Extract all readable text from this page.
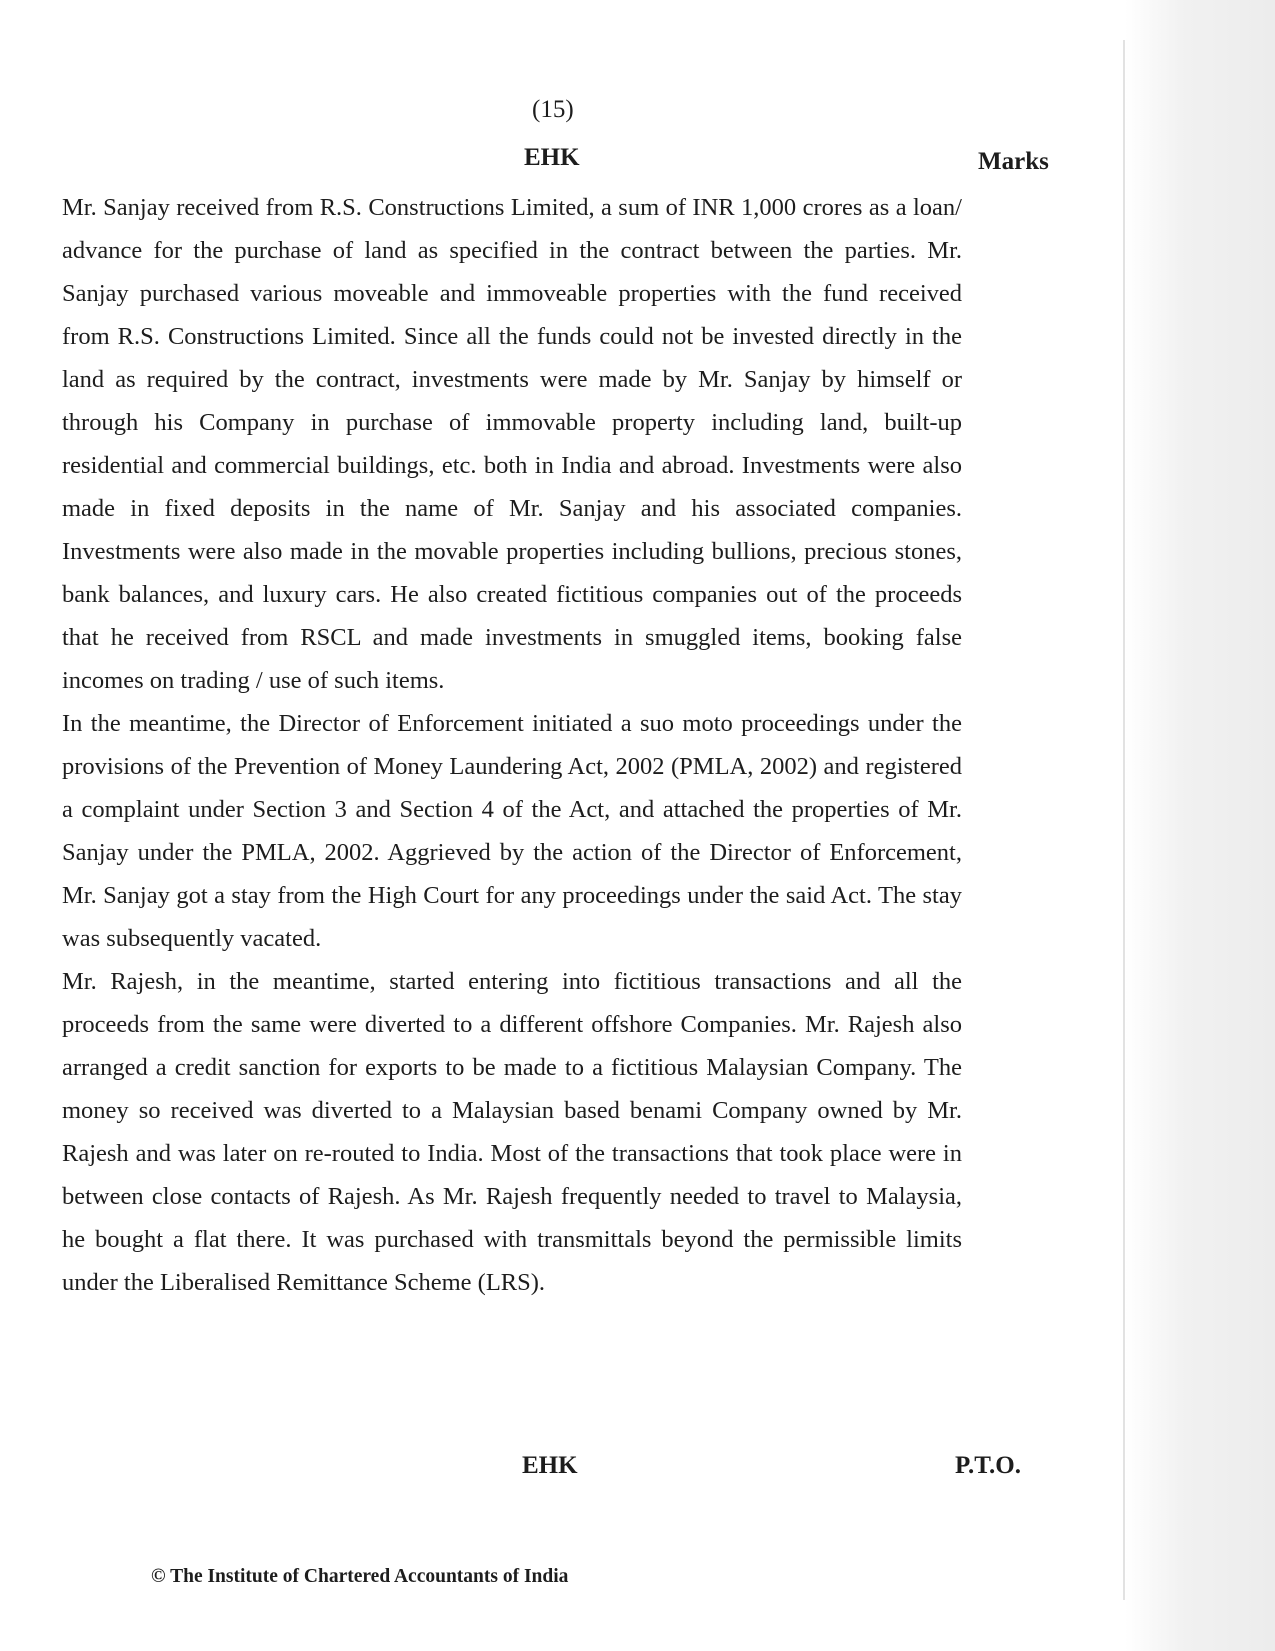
(15)
EHK	Marks

Mr. Sanjay received from R.S. Constructions Limited, a sum of INR 1,000 crores as a loan/ advance for the purchase of land as specified in the contract between the parties. Mr. Sanjay purchased various moveable and immoveable properties with the fund received from R.S. Constructions Limited. Since all the funds could not be invested directly in the land as required by the contract, investments were made by Mr. Sanjay by himself or through his Company in purchase of immovable property including land, built-up residential and commercial buildings, etc. both in India and abroad. Investments were also made in fixed deposits in the name of Mr. Sanjay and his associated companies. Investments were also made in the movable properties including bullions, precious stones, bank balances, and luxury cars. He also created fictitious companies out of the proceeds that he received from RSCL and made investments in smuggled items, booking false incomes on trading / use of such items.

In the meantime, the Director of Enforcement initiated a suo moto proceedings under the provisions of the Prevention of Money Laundering Act, 2002 (PMLA, 2002) and registered a complaint under Section 3 and Section 4 of the Act, and attached the properties of Mr. Sanjay under the PMLA, 2002. Aggrieved by the action of the Director of Enforcement, Mr. Sanjay got a stay from the High Court for any proceedings under the said Act. The stay was subsequently vacated.

Mr. Rajesh, in the meantime, started entering into fictitious transactions and all the proceeds from the same were diverted to a different offshore Companies. Mr. Rajesh also arranged a credit sanction for exports to be made to a fictitious Malaysian Company. The money so received was diverted to a Malaysian based benami Company owned by Mr. Rajesh and was later on re-routed to India. Most of the transactions that took place were in between close contacts of Rajesh. As Mr. Rajesh frequently needed to travel to Malaysia, he bought a flat there. It was purchased with transmittals beyond the permissible limits under the Liberalised Remittance Scheme (LRS).

EHK	P.T.O.
© The Institute of Chartered Accountants of India
